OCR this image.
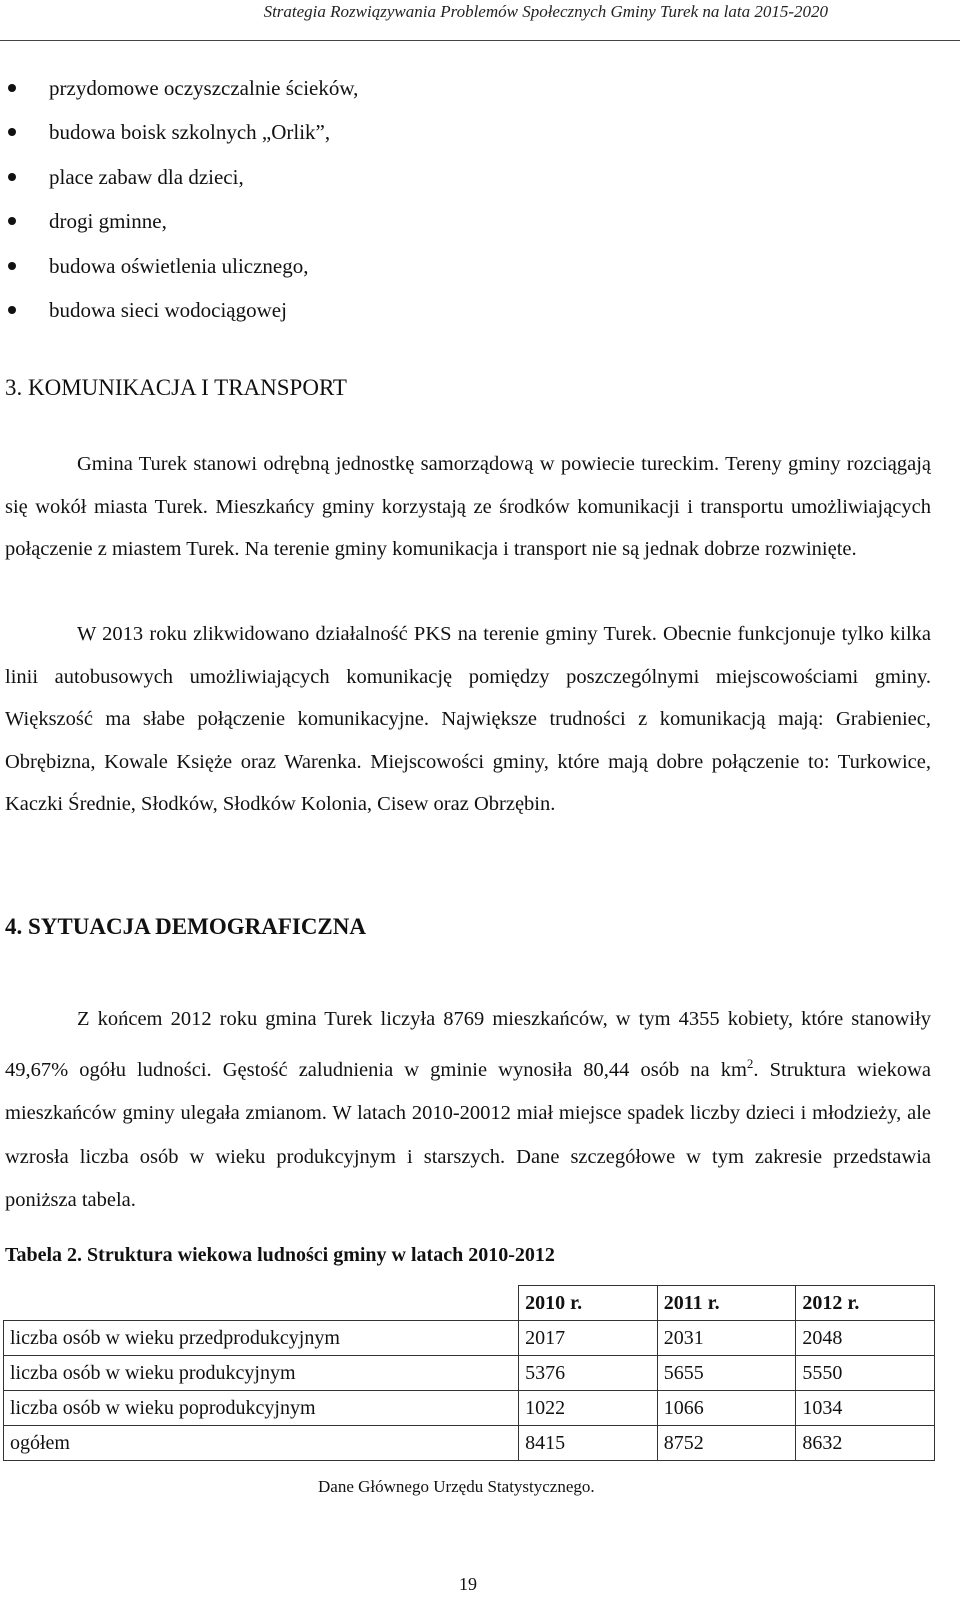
Strategia Rozwiązywania Problemów Społecznych Gminy Turek na lata 2015-2020
przydomowe oczyszczalnie ścieków,
budowa boisk szkolnych „Orlik”,
place zabaw dla dzieci,
drogi gminne,
budowa oświetlenia ulicznego,
budowa sieci wodociągowej
3. KOMUNIKACJA I TRANSPORT

Gmina Turek stanowi odrębną jednostkę samorządową w powiecie tureckim. Tereny gminy rozciągają się wokół miasta Turek. Mieszkańcy gminy korzystają ze środków komunikacji i transportu umożliwiających połączenie z miastem Turek. Na terenie gminy komunikacja i transport nie są jednak dobrze rozwinięte.

W 2013 roku zlikwidowano działalność PKS na terenie gminy Turek. Obecnie funkcjonuje tylko kilka linii autobusowych umożliwiających komunikację pomiędzy poszczególnymi miejscowościami gminy. Większość ma słabe połączenie komunikacyjne. Największe trudności z komunikacją mają: Grabieniec, Obrębizna, Kowale Księże oraz Warenka. Miejscowości gminy, które mają dobre połączenie to: Turkowice, Kaczki Średnie, Słodków, Słodków Kolonia, Cisew oraz Obrzębin.

4. SYTUACJA DEMOGRAFICZNA

Z końcem 2012 roku gmina Turek liczyła 8769 mieszkańców, w tym 4355 kobiety, które stanowiły 49,67% ogółu ludności. Gęstość zaludnienia w gminie wynosiła 80,44 osób na $km^2$. Struktura wiekowa mieszkańców gminy ulegała zmianom. W latach 2010-20012 miał miejsce spadek liczby dzieci i młodzieży, ale wzrosła liczba osób w wieku produkcyjnym i starszych. Dane szczegółowe w tym zakresie przedstawia poniższa tabela.

Tabela 2. Struktura wiekowa ludności gminy w latach 2010-2012

	2010 r.	2011 r.	2012 r.
liczba osób w wieku przedprodukcyjnym	2017	2031	2048
liczba osób w wieku produkcyjnym	5376	5655	5550
liczba osób w wieku poprodukcyjnym	1022	1066	1034
ogółem	8415	8752	8632
Dane Głównego Urzędu Statystycznego.
19
